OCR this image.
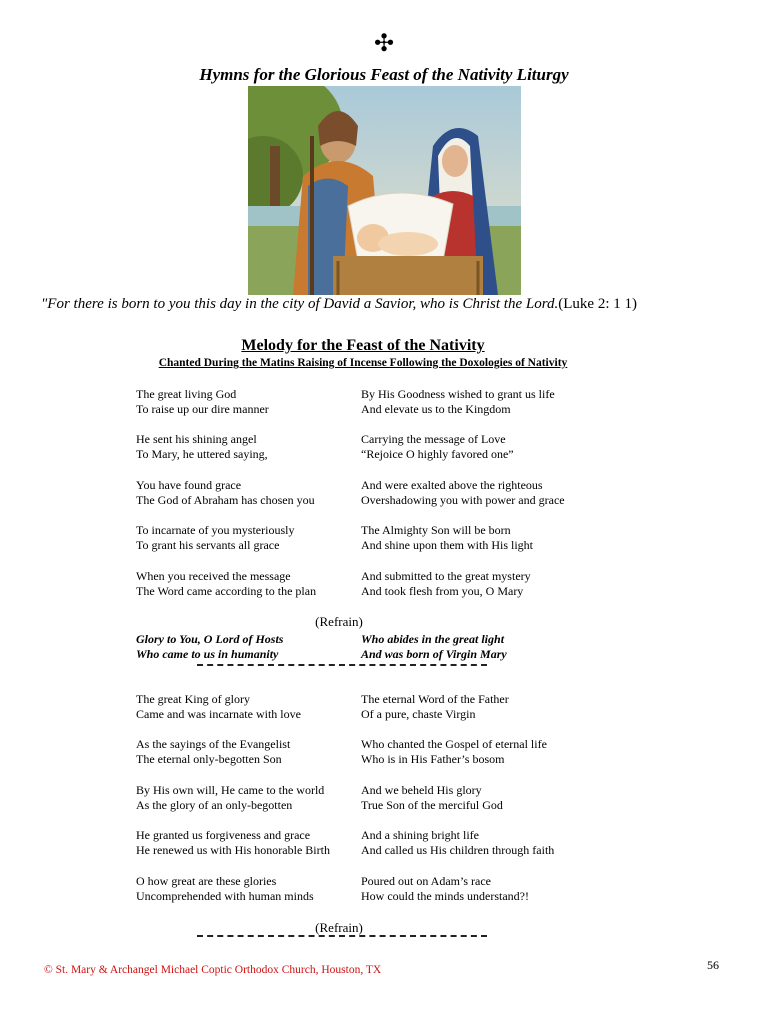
✣
Hymns for the Glorious Feast of the Nativity Liturgy
"For there is born to you this day in the city of David a Savior, who is Christ the Lord.(Luke 2: 1 1)
Melody for the Feast of the Nativity
Chanted During the Matins Raising of Incense Following the Doxologies of Nativity
The great living God	By His Goodness wished to grant us life
To raise up our dire manner	And elevate us to the Kingdom
He sent his shining angel	Carrying the message of Love
To Mary, he uttered saying,	“Rejoice O highly favored one”
You have found grace	And were exalted above the righteous
The God of Abraham has chosen you	Overshadowing you with power and grace
To incarnate of you mysteriously	The Almighty Son will be born
To grant his servants all grace	And shine upon them with His light
When you received the message	And submitted to the great mystery
The Word came according to the plan	And took flesh from you, O Mary
(Refrain)
Glory to You, O Lord of Hosts	Who abides in the great light
Who came to us in humanity	And was born of Virgin Mary
The great King of glory	The eternal Word of the Father
Came and was incarnate with love	Of a pure, chaste Virgin
As the sayings of the Evangelist	Who chanted the Gospel of eternal life
The eternal only-begotten Son	Who is in His Father’s bosom
By His own will, He came to the world	And we beheld His glory
As the glory of an only-begotten	True Son of the merciful God
He granted us forgiveness and grace	And a shining bright life
He renewed us with His honorable Birth	And called us His children through faith
O how great are these glories	Poured out on Adam’s race
Uncomprehended with human minds	How could the minds understand?!
(Refrain)
© St. Mary & Archangel Michael Coptic Orthodox Church, Houston, TX	56
